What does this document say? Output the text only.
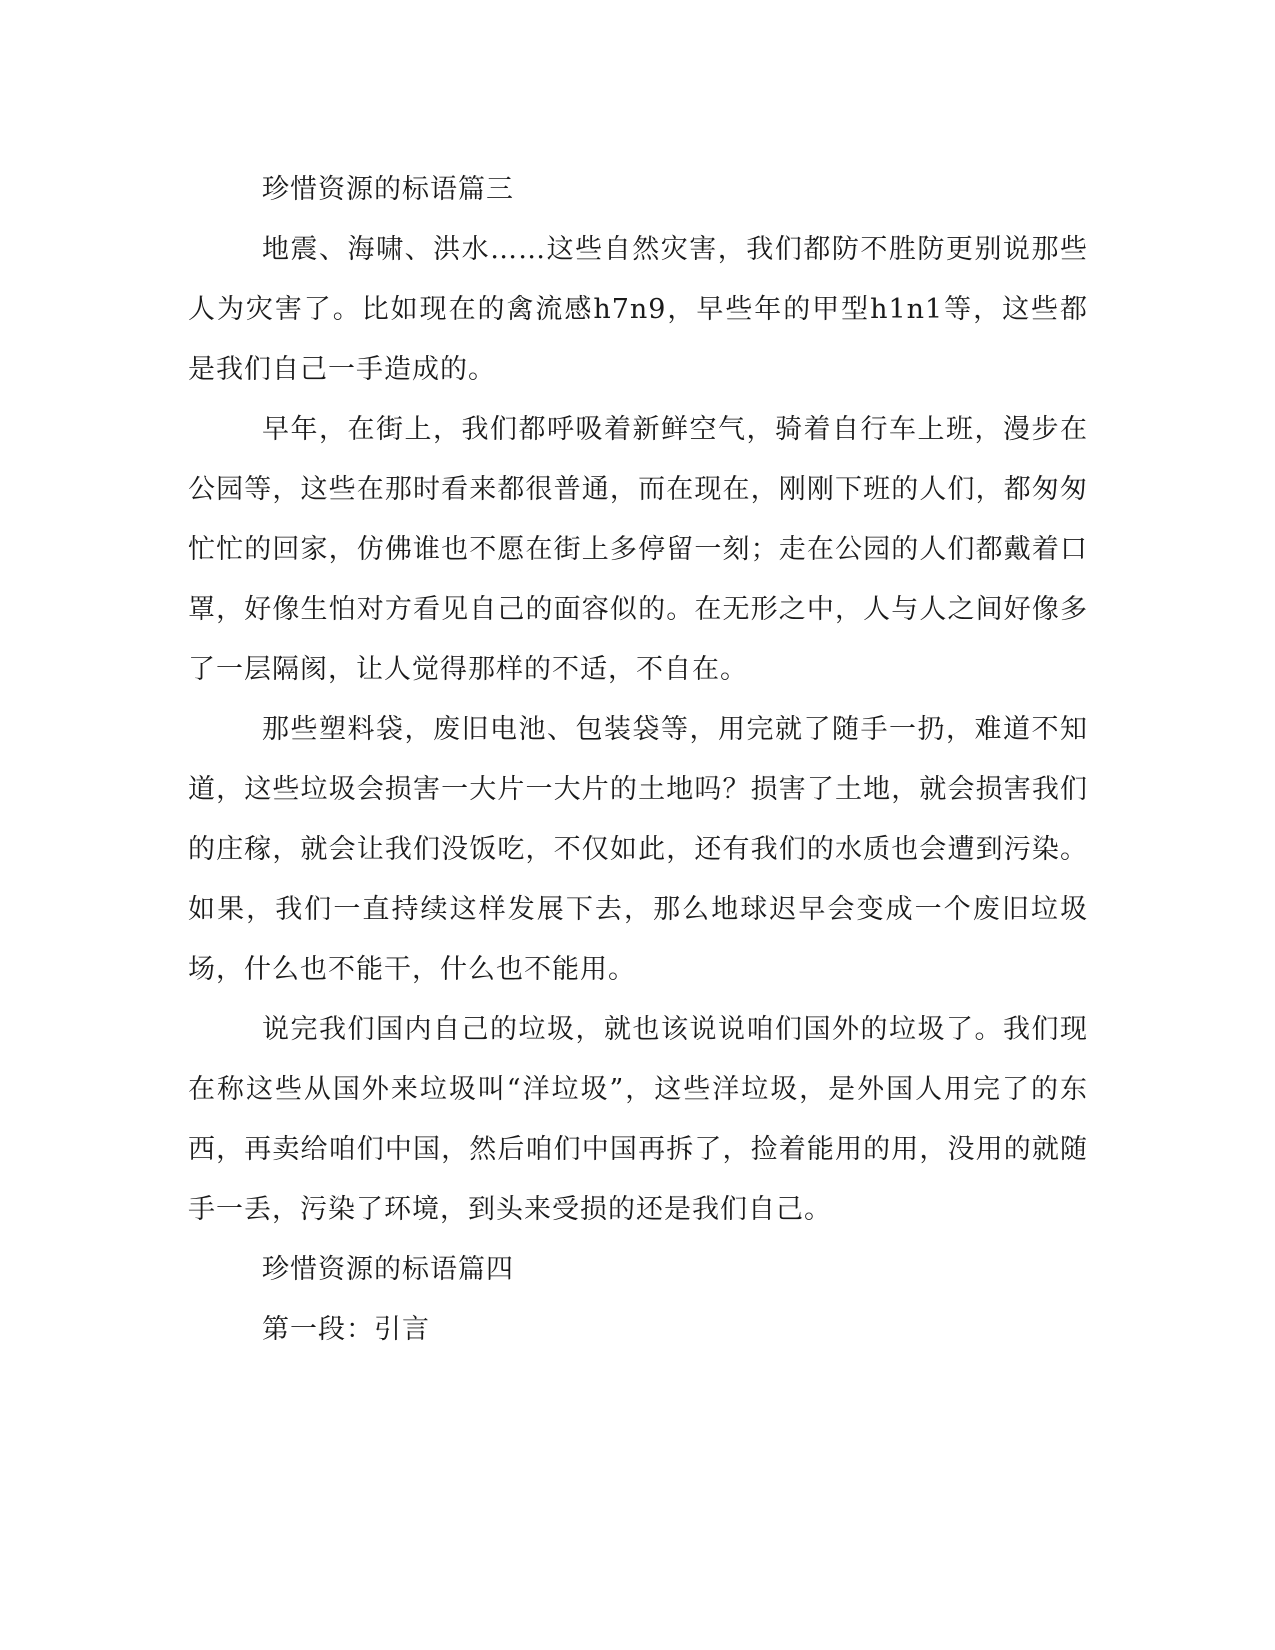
珍惜资源的标语篇三

地震、海啸、洪水……这些自然灾害，我们都防不胜防更别说那些人为灾害了。比如现在的禽流感h7n9，早些年的甲型h1n1等，这些都是我们自己一手造成的。

早年，在街上，我们都呼吸着新鲜空气，骑着自行车上班，漫步在公园等，这些在那时看来都很普通，而在现在，刚刚下班的人们，都匆匆忙忙的回家，仿佛谁也不愿在街上多停留一刻；走在公园的人们都戴着口罩，好像生怕对方看见自己的面容似的。在无形之中，人与人之间好像多了一层隔阂，让人觉得那样的不适，不自在。

那些塑料袋，废旧电池、包装袋等，用完就了随手一扔，难道不知道，这些垃圾会损害一大片一大片的土地吗？损害了土地，就会损害我们的庄稼，就会让我们没饭吃，不仅如此，还有我们的水质也会遭到污染。如果，我们一直持续这样发展下去，那么地球迟早会变成一个废旧垃圾场，什么也不能干，什么也不能用。

说完我们国内自己的垃圾，就也该说说咱们国外的垃圾了。我们现在称这些从国外来垃圾叫“洋垃圾”，这些洋垃圾，是外国人用完了的东西，再卖给咱们中国，然后咱们中国再拆了，捡着能用的用，没用的就随手一丢，污染了环境，到头来受损的还是我们自己。

珍惜资源的标语篇四

第一段：引言
